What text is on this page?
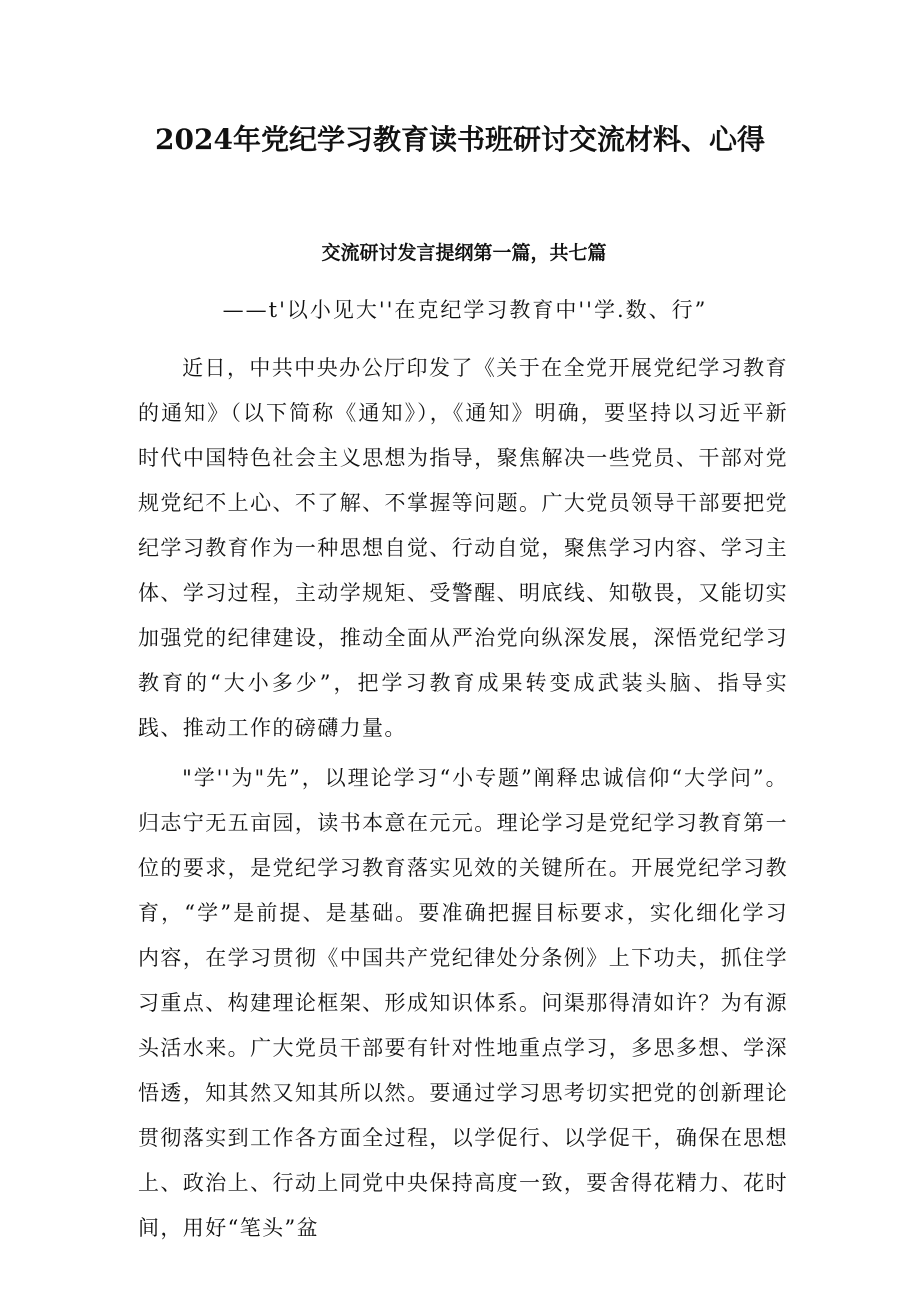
2024年党纪学习教育读书班研讨交流材料、心得
交流研讨发言提纲第一篇，共七篇

——t'以小见大''在克纪学习教育中''学.数、行”

近日，中共中央办公厅印发了《关于在全党开展党纪学习教育的通知》（以下简称《通知》），《通知》明确，要坚持以习近平新时代中国特色社会主义思想为指导，聚焦解决一些党员、干部对党规党纪不上心、不了解、不掌握等问题。广大党员领导干部要把党纪学习教育作为一种思想自觉、行动自觉，聚焦学习内容、学习主体、学习过程，主动学规矩、受警醒、明底线、知敬畏，又能切实加强党的纪律建设，推动全面从严治党向纵深发展，深悟党纪学习教育的“大小多少”，把学习教育成果转变成武装头脑、指导实践、推动工作的磅礴力量。

"学''为"先”，以理论学习“小专题”阐释忠诚信仰“大学问”。归志宁无五亩园，读书本意在元元。理论学习是党纪学习教育第一位的要求，是党纪学习教育落实见效的关键所在。开展党纪学习教育，“学”是前提、是基础。要准确把握目标要求，实化细化学习内容，在学习贯彻《中国共产党纪律处分条例》上下功夫，抓住学习重点、构建理论框架、形成知识体系。问渠那得清如许？为有源头活水来。广大党员干部要有针对性地重点学习，多思多想、学深悟透，知其然又知其所以然。要通过学习思考切实把党的创新理论贯彻落实到工作各方面全过程，以学促行、以学促干，确保在思想上、政治上、行动上同党中央保持高度一致，要舍得花精力、花时间，用好“笔头”盆
